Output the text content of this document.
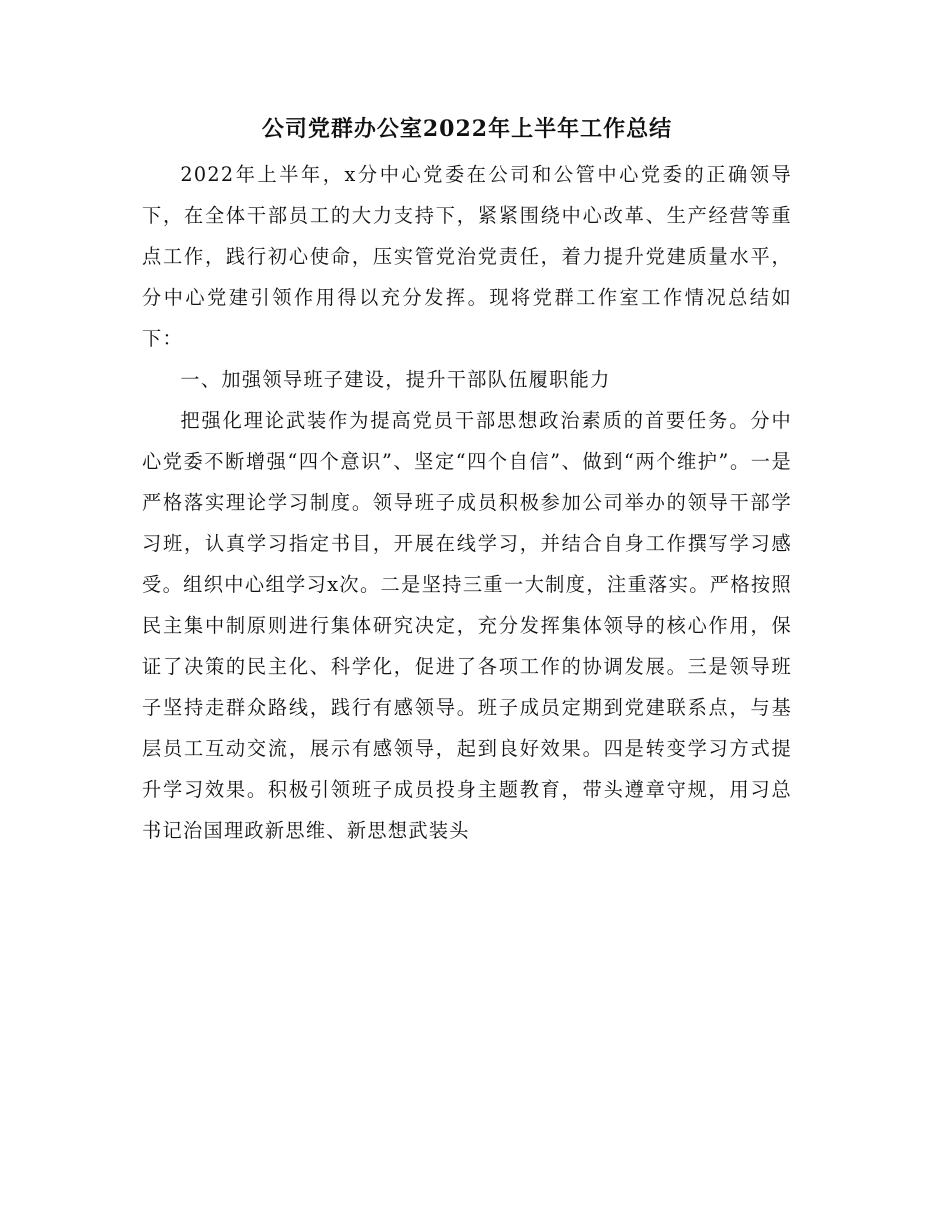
公司党群办公室2022年上半年工作总结

2022年上半年，x分中心党委在公司和公管中心党委的正确领导下，在全体干部员工的大力支持下，紧紧围绕中心改革、生产经营等重点工作，践行初心使命，压实管党治党责任，着力提升党建质量水平，分中心党建引领作用得以充分发挥。现将党群工作室工作情况总结如下：

一、加强领导班子建设，提升干部队伍履职能力

把强化理论武装作为提高党员干部思想政治素质的首要任务。分中心党委不断增强“四个意识”、坚定“四个自信”、做到“两个维护”。一是严格落实理论学习制度。领导班子成员积极参加公司举办的领导干部学习班，认真学习指定书目，开展在线学习，并结合自身工作撰写学习感受。组织中心组学习x次。二是坚持三重一大制度，注重落实。严格按照民主集中制原则进行集体研究决定，充分发挥集体领导的核心作用，保证了决策的民主化、科学化，促进了各项工作的协调发展。三是领导班子坚持走群众路线，践行有感领导。班子成员定期到党建联系点，与基层员工互动交流，展示有感领导，起到良好效果。四是转变学习方式提升学习效果。积极引领班子成员投身主题教育，带头遵章守规，用习总书记治国理政新思维、新思想武装头
